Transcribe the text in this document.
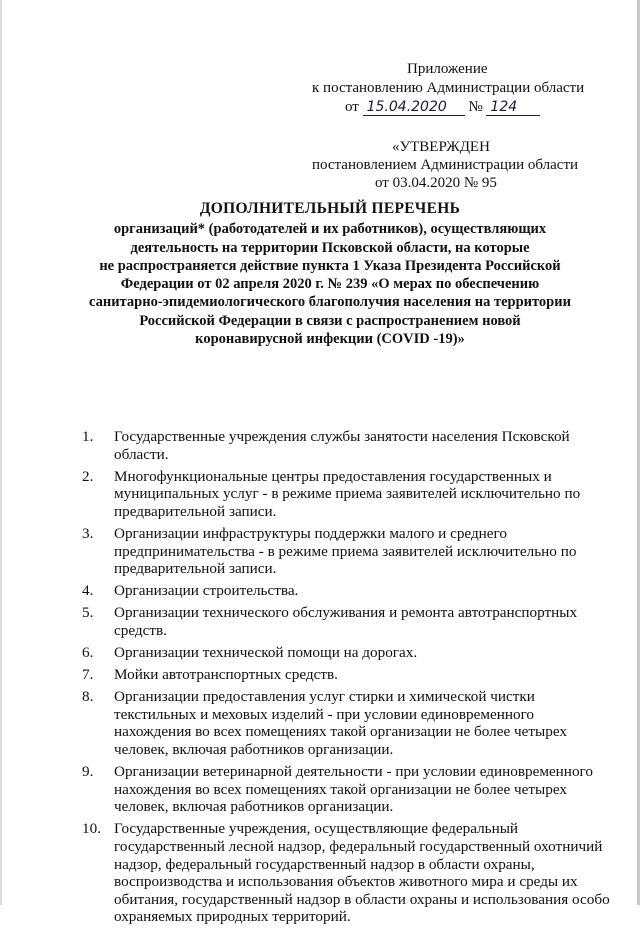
Приложение
к постановлению Администрации области
от 15.04.2020 № 124
«УТВЕРЖДЕН
постановлением Администрации области
от 03.04.2020 № 95
ДОПОЛНИТЕЛЬНЫЙ ПЕРЕЧЕНЬ
организаций* (работодателей и их работников), осуществляющих
деятельность на территории Псковской области, на которые
не распространяется действие пункта 1 Указа Президента Российской
Федерации от 02 апреля 2020 г. № 239 «О мерах по обеспечению
санитарно-эпидемиологического благополучия населения на территории
Российской Федерации в связи с распространением новой
коронавирусной инфекции (COVID -19)»
1. Государственные учреждения службы занятости населения Псковской области.
2. Многофункциональные центры предоставления государственных и муниципальных услуг - в режиме приема заявителей исключительно по предварительной записи.
3. Организации инфраструктуры поддержки малого и среднего предпринимательства - в режиме приема заявителей исключительно по предварительной записи.
4. Организации строительства.
5. Организации технического обслуживания и ремонта автотранспортных средств.
6. Организации технической помощи на дорогах.
7. Мойки автотранспортных средств.
8. Организации предоставления услуг стирки и химической чистки текстильных и меховых изделий - при условии единовременного нахождения во всех помещениях такой организации не более четырех человек, включая работников организации.
9. Организации ветеринарной деятельности - при условии единовременного нахождения во всех помещениях такой организации не более четырех человек, включая работников организации.
10. Государственные учреждения, осуществляющие федеральный государственный лесной надзор, федеральный государственный охотничий надзор, федеральный государственный надзор в области охраны, воспроизводства и использования объектов животного мира и среды их обитания, государственный надзор в области охраны и использования особо охраняемых природных территорий.
